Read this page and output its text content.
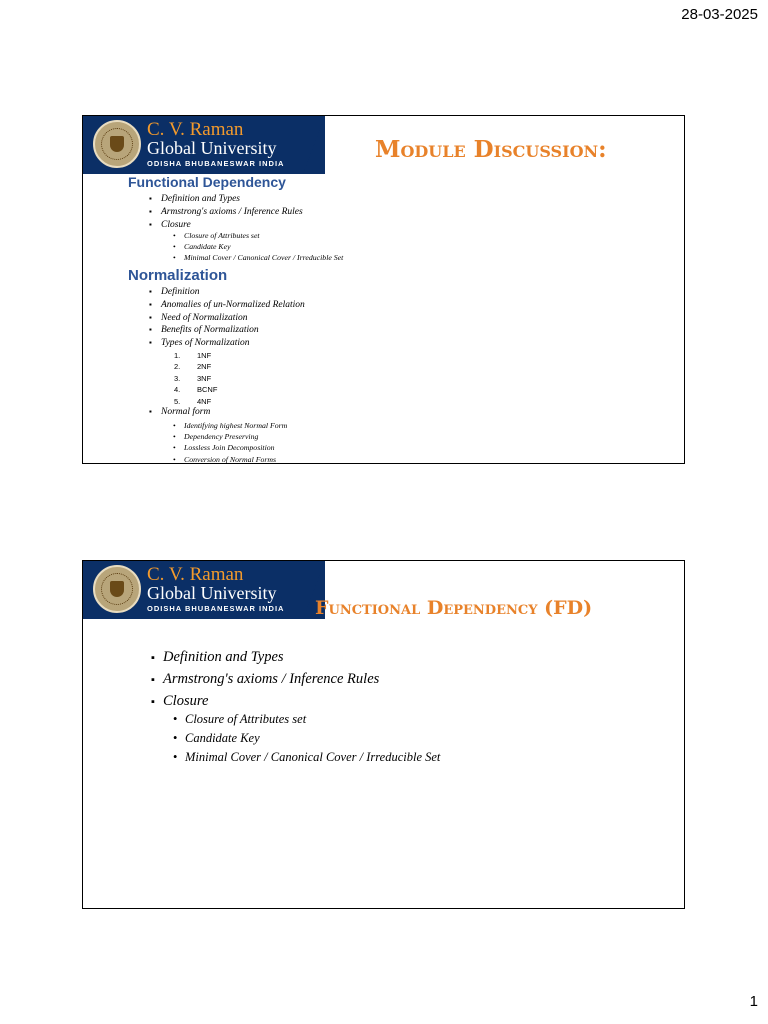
28-03-2025
C. V. Raman
Global University
ODISHA BHUBANESWAR INDIA
Module Discussion:
Functional Dependency
▪ Definition and Types
▪ Armstrong's axioms / Inference Rules
▪ Closure
• Closure of Attributes set
• Candidate Key
• Minimal Cover / Canonical Cover / Irreducible Set
Normalization
▪ Definition
▪ Anomalies of un-Normalized Relation
▪ Need of Normalization
▪ Benefits of Normalization
▪ Types of Normalization
1. 1NF
2. 2NF
3. 3NF
4. BCNF
5. 4NF
▪ Normal form
• Identifying highest Normal Form
• Dependency Preserving
• Lossless Join Decomposition
• Conversion of Normal Forms
C. V. Raman
Global University
ODISHA BHUBANESWAR INDIA Functional Dependency (FD)
▪ Definition and Types
▪ Armstrong's axioms / Inference Rules
▪ Closure
• Closure of Attributes set
• Candidate Key
• Minimal Cover / Canonical Cover / Irreducible Set
1
